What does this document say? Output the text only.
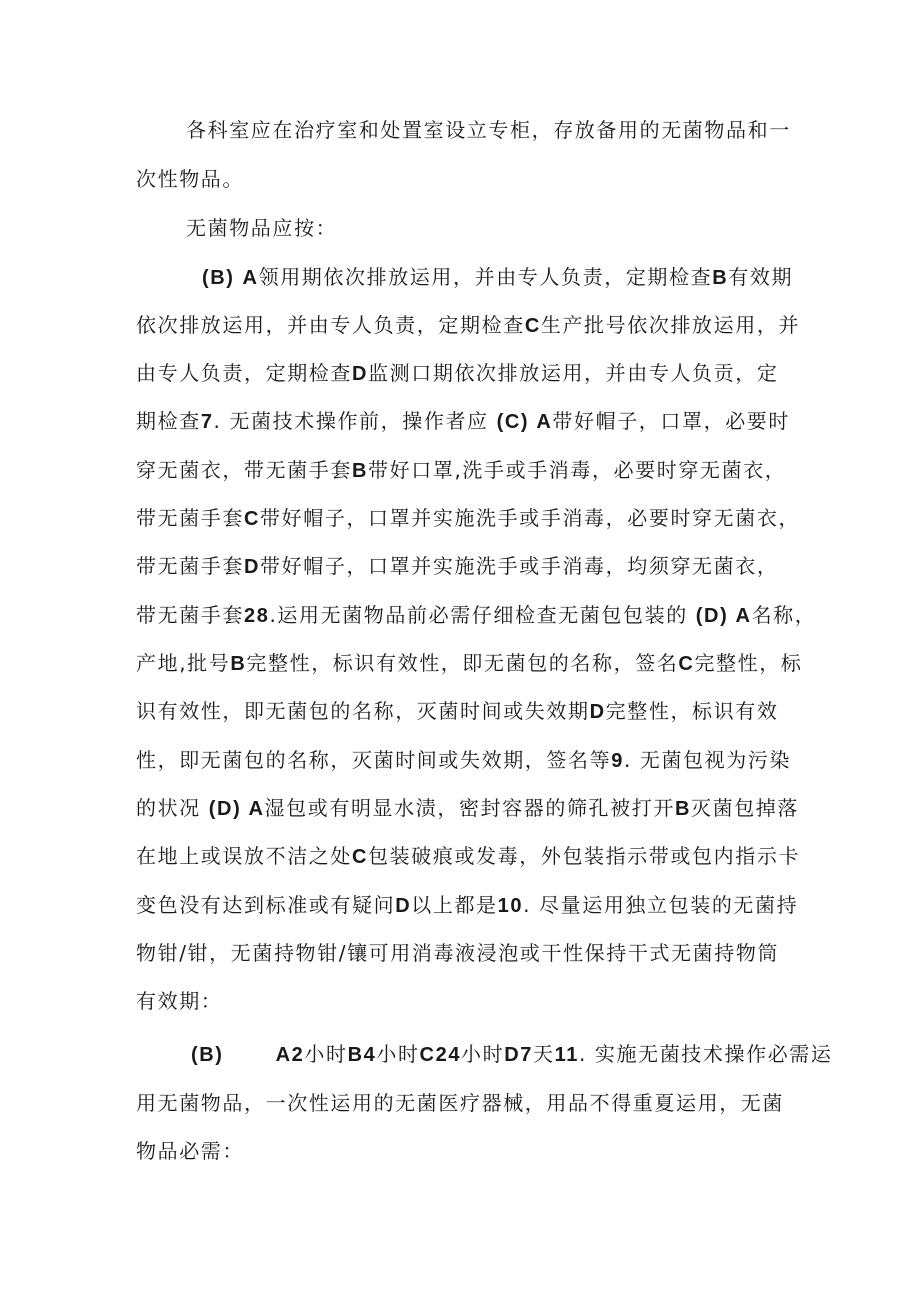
各科室应在治疗室和处置室设立专柜，存放备用的无菌物品和一
次性物品。
无菌物品应按：
(B) A领用期依次排放运用，并由专人负责，定期检查B有效期
依次排放运用，并由专人负责，定期检查C生产批号依次排放运用，并
由专人负责，定期检查D监测口期依次排放运用，并由专人负贡，定
期检查7. 无菌技术操作前，操作者应 (C) A带好帽子，口罩，必要时
穿无菌衣，带无菌手套B带好口罩,洗手或手消毒，必要时穿无菌衣，
带无菌手套C带好帽子，口罩并实施洗手或手消毒，必要时穿无菌衣，
带无菌手套D带好帽子，口罩并实施洗手或手消毒，均须穿无菌衣，
带无菌手套28.运用无菌物品前必需仔细检查无菌包包装的 (D) A名称，
产地,批号B完整性，标识有效性，即无菌包的名称，签名C完整性，标
识有效性，即无菌包的名称，灭菌时间或失效期D完整性，标识有效
性，即无菌包的名称，灭菌时间或失效期，签名等9. 无菌包视为污染
的状况 (D) A湿包或有明显水渍，密封容器的筛孔被打开B灭菌包掉落
在地上或误放不洁之处C包装破痕或发毒，外包装指示带或包内指示卡
变色没有达到标准或有疑问D以上都是10. 尽量运用独立包装的无菌持
物钳/钳，无菌持物钳/镶可用消毒液浸泡或干性保持干式无菌持物筒
有效期：
(B)	A2小时B4小时C24小时D7天11. 实施无菌技术操作必需运
用无菌物品，一次性运用的无菌医疗器械，用品不得重夏运用，无菌
物品必需：
